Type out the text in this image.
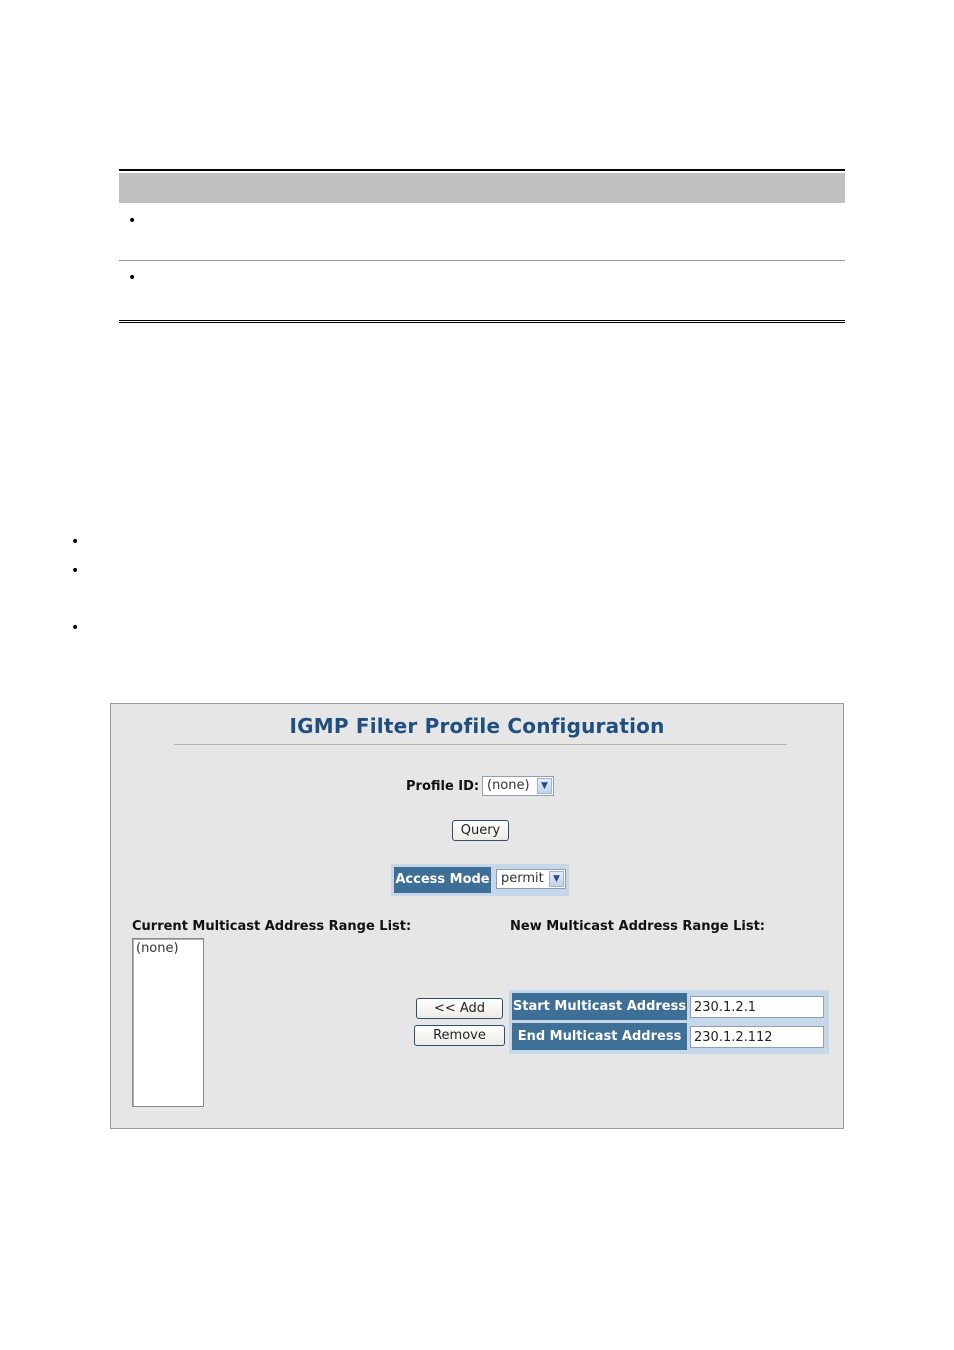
•
•
•
•
•
IGMP Filter Profile Configuration
Profile ID: (none)	▼
Query
Access Mode permit	▼
Current Multicast Address Range List:	New Multicast Address Range List:
(none)
<< Add
Remove
Start Multicast Address
230.1.2.1
End Multicast Address
230.1.2.112
